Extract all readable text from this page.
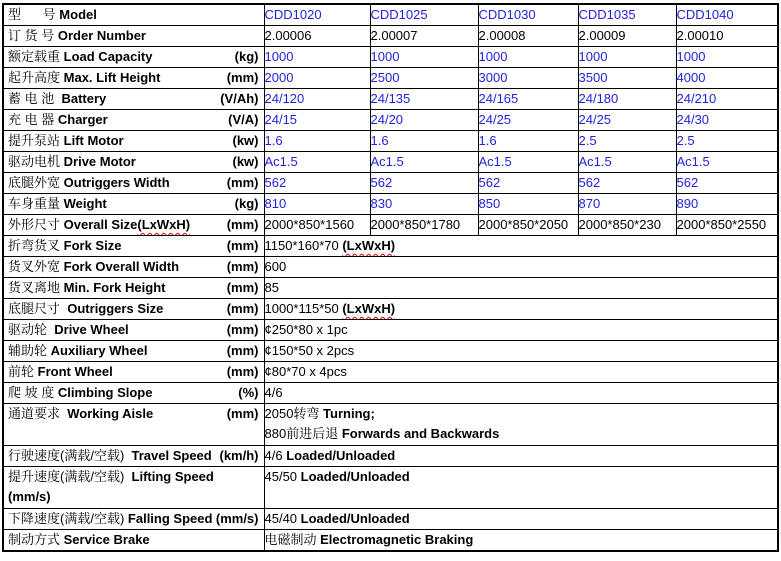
型      号 Model	CDD1020	CDD1025	CDD1030	CDD1035	CDD1040

订 货 号 Order Number	2.00006	2.00007	2.00008	2.00009	2.00010

额定载重 Load Capacity (kg)	1000	1000	1000	1000	1000

起升高度 Max. Lift Height (mm)	2000	2500	3000	3500	4000

蓄 电 池  Battery (V/Ah)	24/120	24/135	24/165	24/180	24/210

充 电 器 Charger (V/A)	24/15	24/20	24/25	24/25	24/30

提升泵站 Lift Motor (kw)	1.6	1.6	1.6	2.5	2.5

驱动电机 Drive Motor (kw)	Ac1.5	Ac1.5	Ac1.5	Ac1.5	Ac1.5

底腿外宽 Outriggers Width (mm)	562	562	562	562	562

车身重量 Weight (kg)	810	830	850	870	890

外形尺寸 Overall Size(LxWxH) (mm)	2000*850*1560	2000*850*1780	2000*850*2050	2000*850*230	2000*850*2550

折弯货叉 Fork Size (mm)	1150*160*70 (LxWxH)				

货叉外宽 Fork Overall Width (mm)	600				

货叉离地 Min. Fork Height (mm)	85				

底腿尺寸  Outriggers Size (mm)	1000*115*50 (LxWxH)				

驱动轮  Drive Wheel (mm)	¢250*80 x 1pc				

辅助轮 Auxiliary Wheel (mm)	¢150*50 x 2pcs				

前轮 Front Wheel (mm)	¢80*70 x 4pcs				

爬 坡 度 Climbing Slope (%)	4/6				

通道要求  Working Aisle	(mm)	2050转弯 Turning;
880前进后退 Forwards and Backwards

行驶速度(满载/空载)  Travel Speed (km/h)	4/6 Loaded/Unloaded				

提升速度(满载/空载)  Lifting Speed
(mm/s)	45/50 Loaded/Unloaded				

下降速度(满载/空载) Falling Speed (mm/s)	45/40 Loaded/Unloaded				

制动方式 Service Brake	电磁制动 Electromagnetic Braking				
